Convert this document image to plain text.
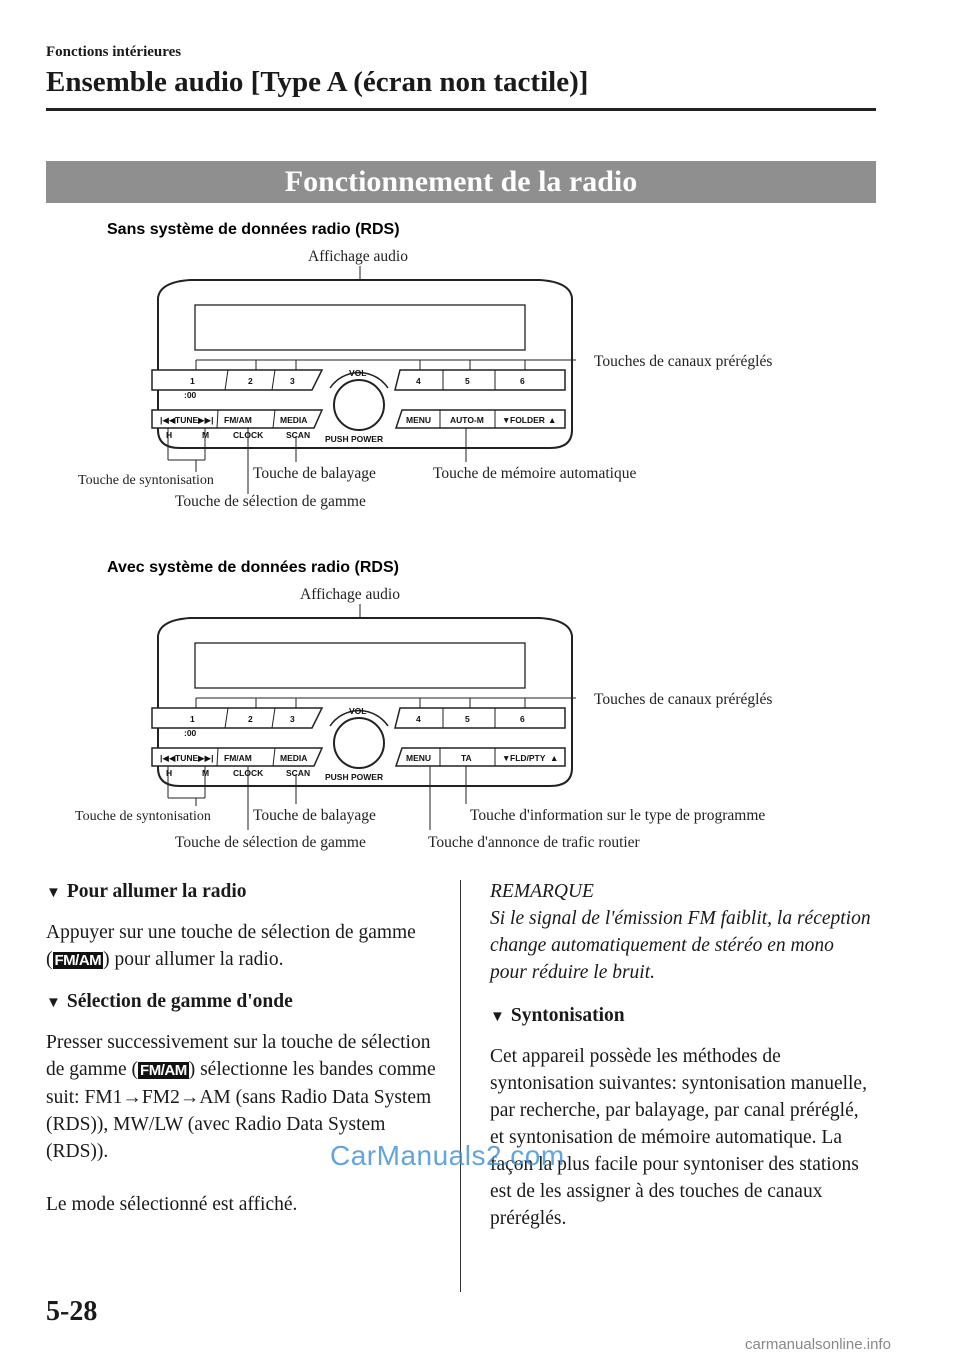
Fonctions intérieures
Ensemble audio [Type A (écran non tactile)]
Fonctionnement de la radio
Sans système de données radio (RDS)
Affichage audio
Touches de canaux préréglés
1	2	3
:00
4	5	6
VOL
PUSH POWER
|◀◀ TUNE ▶▶| FM/AM	MEDIA
H	M	CLOCK	SCAN
MENU AUTO-M ▼ FOLDER ▲
Touche de syntonisation
Touche de sélection de gamme
Touche de balayage	Touche de mémoire automatique
Avec système de données radio (RDS)
Affichage audio
Touches de canaux préréglés
1	2	3
:00
4	5	6
VOL
PUSH POWER
|◀◀ TUNE ▶▶| FM/AM	MEDIA
H	M	CLOCK	SCAN
MENU	TA	▼ FLD/PTY ▲
Touche de syntonisation
Touche de sélection de gamme
Touche de balayage	Touche d'information sur le type de programme
Touche d'annonce de trafic routier
▼ Pour allumer la radio
Appuyer sur une touche de sélection de gamme ( FM/AM ) pour allumer la radio.
▼ Sélection de gamme d'onde
Presser successivement sur la touche de sélection de gamme ( FM/AM ) sélectionne les bandes comme suit: FM1→FM2→AM (sans Radio Data System (RDS)), MW/LW (avec Radio Data System (RDS)).
Le mode sélectionné est affiché.
REMARQUE
Si le signal de l'émission FM faiblit, la réception change automatiquement de stéréo en mono pour réduire le bruit.
▼ Syntonisation
Cet appareil possède les méthodes de syntonisation suivantes: syntonisation manuelle, par recherche, par balayage, par canal préréglé, et syntonisation de mémoire automatique. La façon la plus facile pour syntoniser des stations est de les assigner à des touches de canaux préréglés.
CarManuals2.com
5-28
carmanualsonline.info
